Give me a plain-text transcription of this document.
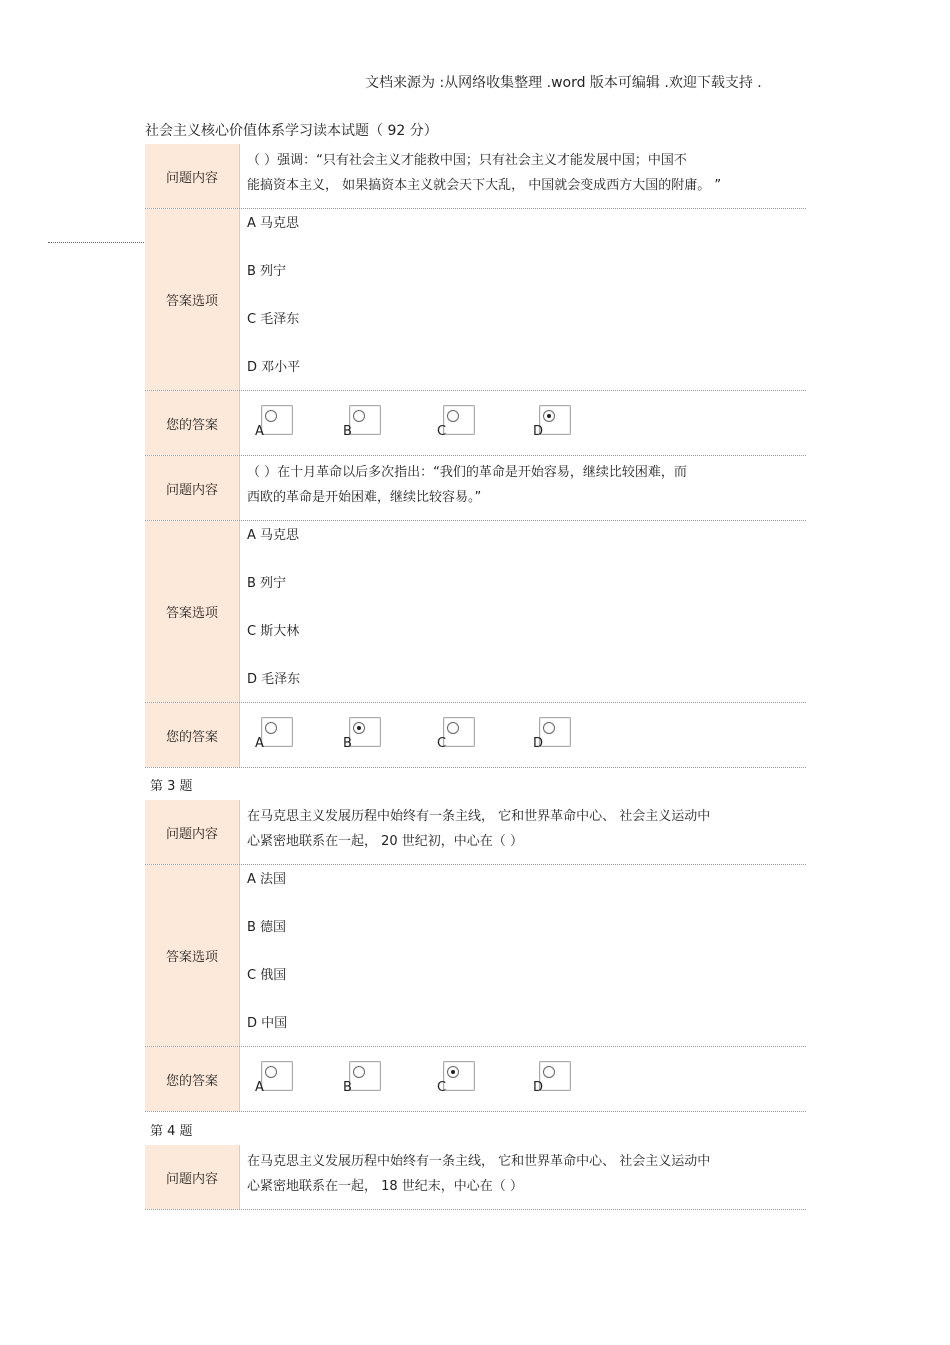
文档来源为 :从网络收集整理 .word 版本可编辑 .欢迎下载支持 .
社会主义核心价值体系学习读本试题（ 92 分）
问题内容
（ ）强调：“只有社会主义才能救中国；只有社会主义才能发展中国；中国不
能搞资本主义， 如果搞资本主义就会天下大乱， 中国就会变成西方大国的附庸。 ”
答案选项
A 马克思
B 列宁
C 毛泽东
D 邓小平
您的答案	A	B	C	D
问题内容
（ ）在十月革命以后多次指出：“我们的革命是开始容易，继续比较困难，而
西欧的革命是开始困难，继续比较容易。”
答案选项
A 马克思
B 列宁
C 斯大林
D 毛泽东
您的答案	A	B	C	D
第 3 题
问题内容
在马克思主义发展历程中始终有一条主线， 它和世界革命中心、 社会主义运动中
心紧密地联系在一起， 20 世纪初，中心在（ ）
答案选项
A 法国
B 德国
C 俄国
D 中国
您的答案	A	B	C	D
第 4 题
问题内容
在马克思主义发展历程中始终有一条主线， 它和世界革命中心、 社会主义运动中
心紧密地联系在一起， 18 世纪末，中心在（ ）
